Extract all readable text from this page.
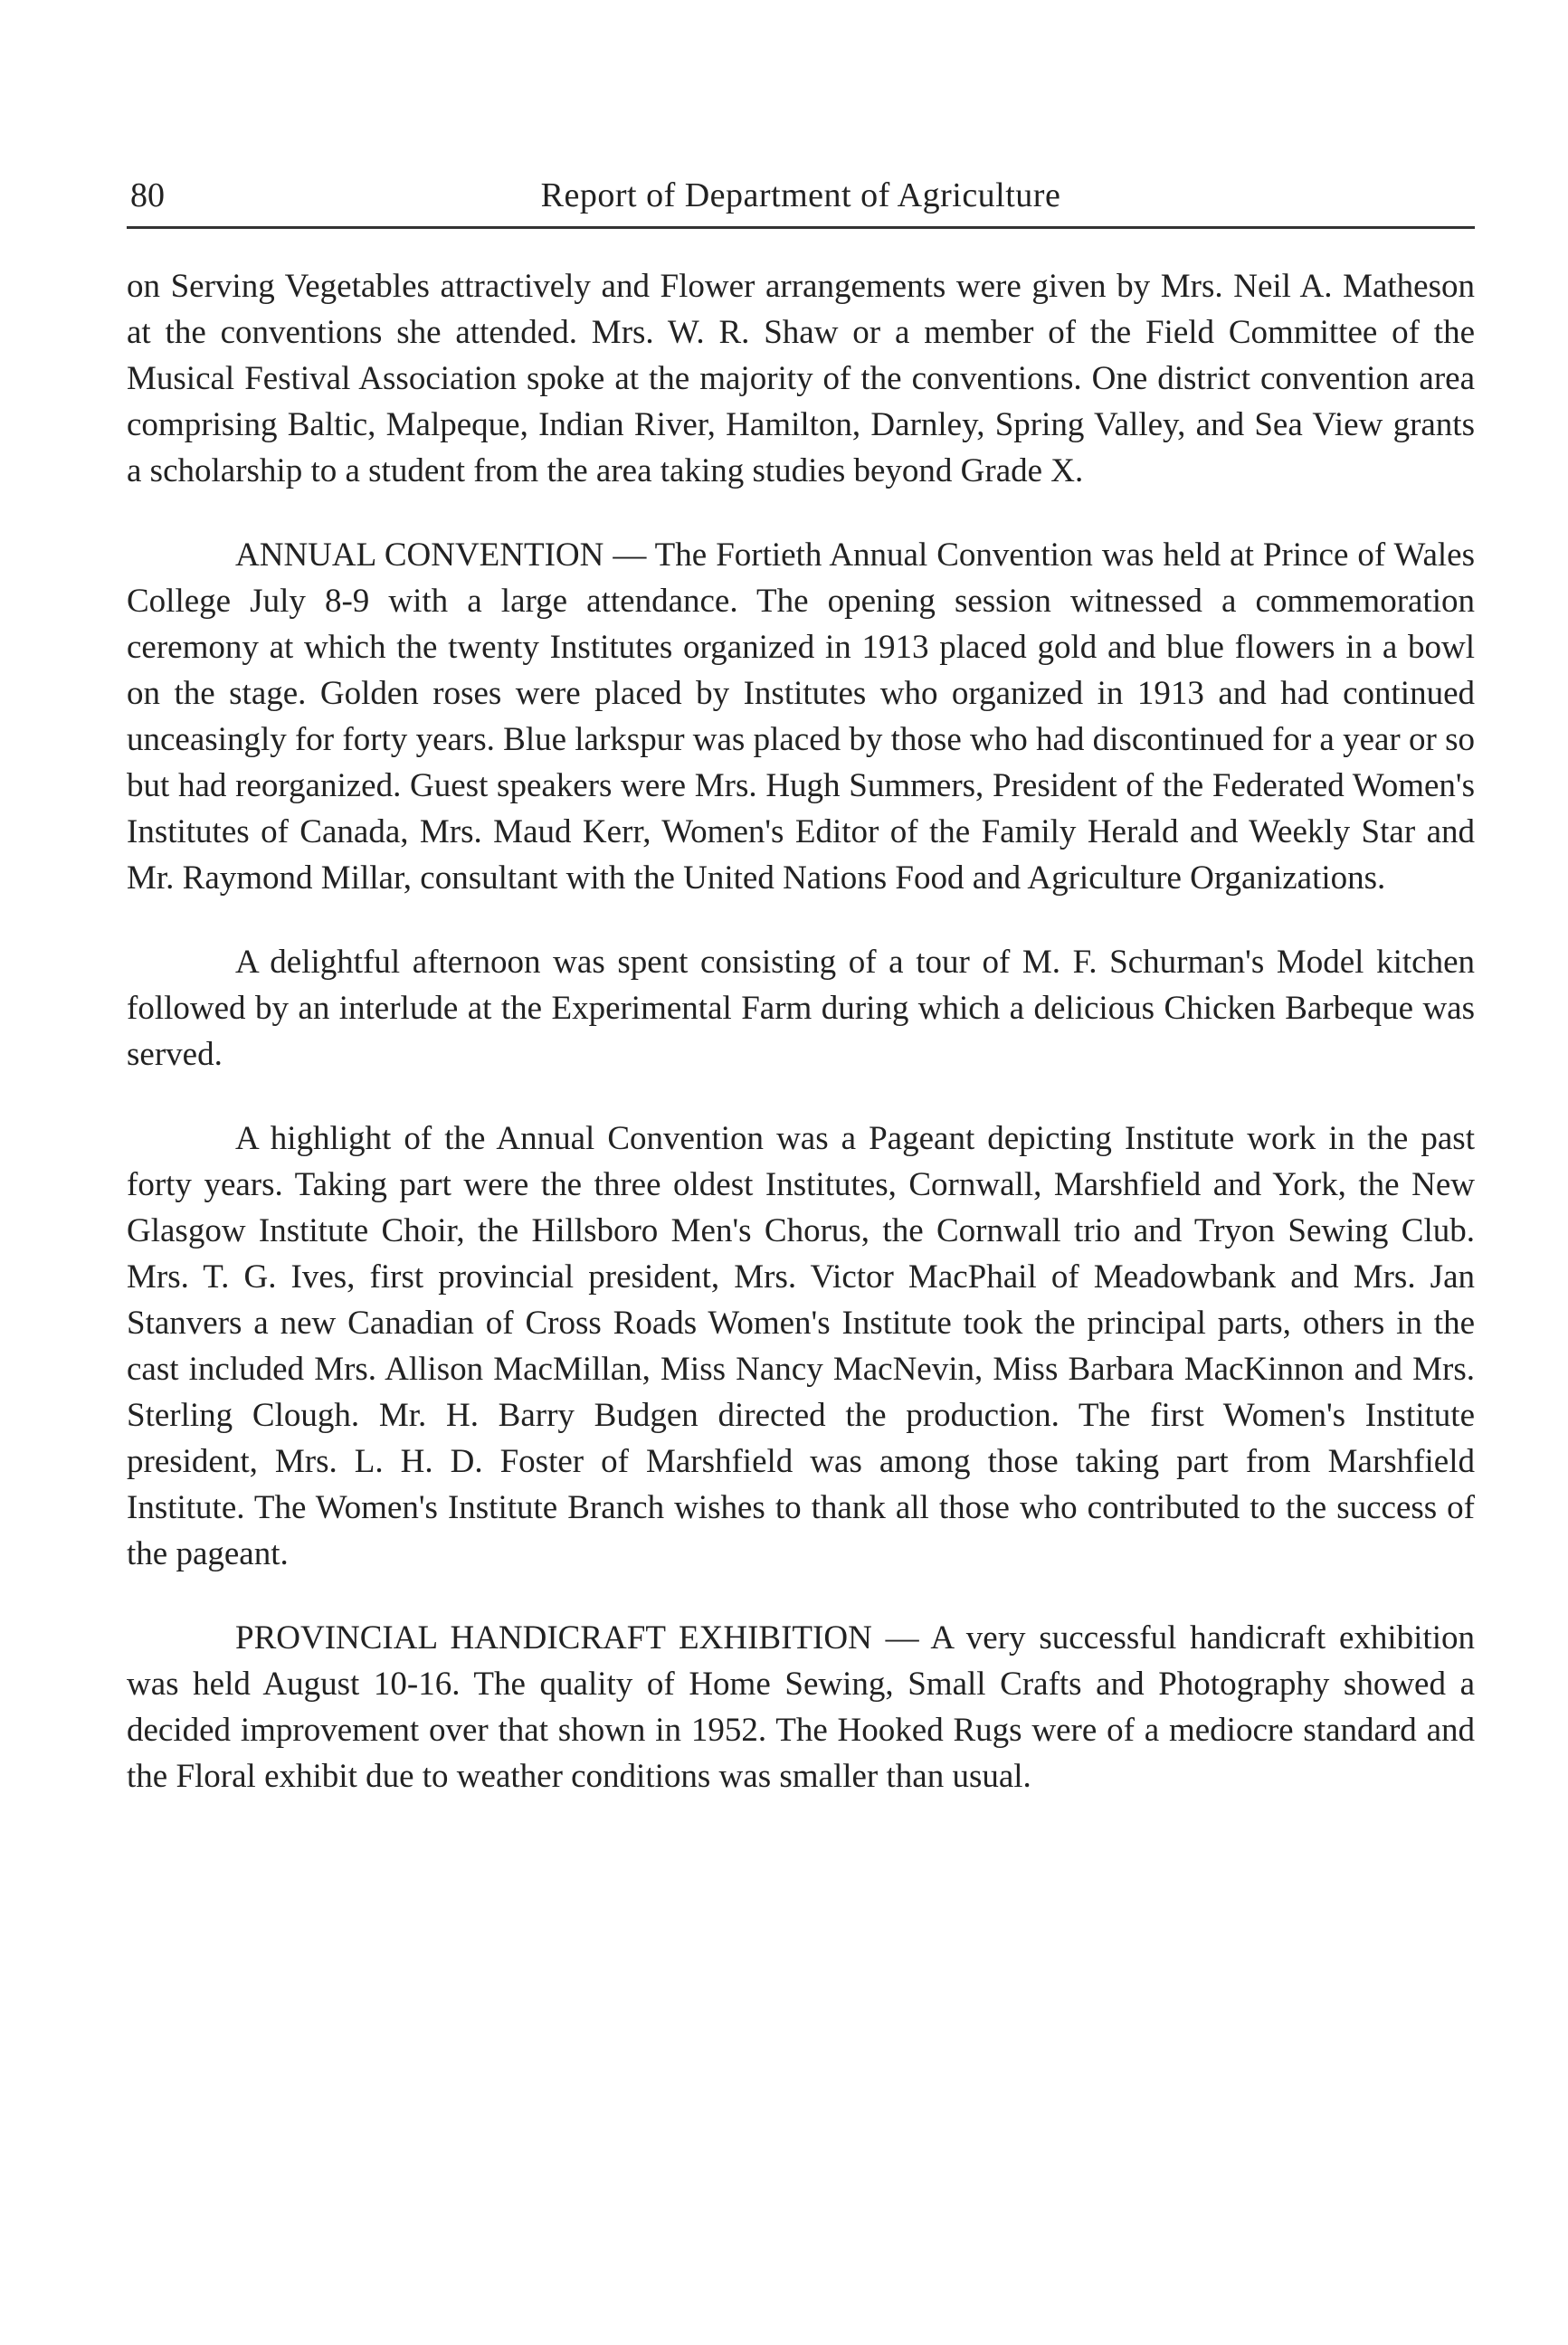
80	Report of Department of Agriculture

on Serving Vegetables attractively and Flower arrangements were given by Mrs. Neil A. Matheson at the conventions she attended. Mrs. W. R. Shaw or a member of the Field Committee of the Musical Festival Association spoke at the majority of the conventions. One district convention area comprising Baltic, Malpeque, Indian River, Hamilton, Darnley, Spring Valley, and Sea View grants a scholarship to a student from the area taking studies beyond Grade X.

ANNUAL CONVENTION — The Fortieth Annual Convention was held at Prince of Wales College July 8-9 with a large attendance. The opening session witnessed a commemoration ceremony at which the twenty Institutes organized in 1913 placed gold and blue flowers in a bowl on the stage. Golden roses were placed by Institutes who organized in 1913 and had continued unceasingly for forty years. Blue larkspur was placed by those who had discontinued for a year or so but had reorganized. Guest speakers were Mrs. Hugh Summers, President of the Federated Women's Institutes of Canada, Mrs. Maud Kerr, Women's Editor of the Family Herald and Weekly Star and Mr. Raymond Millar, consultant with the United Nations Food and Agriculture Organizations.

A delightful afternoon was spent consisting of a tour of M. F. Schurman's Model kitchen followed by an interlude at the Experimental Farm during which a delicious Chicken Barbeque was served.

A highlight of the Annual Convention was a Pageant depicting Institute work in the past forty years. Taking part were the three oldest Institutes, Cornwall, Marshfield and York, the New Glasgow Institute Choir, the Hillsboro Men's Chorus, the Cornwall trio and Tryon Sewing Club. Mrs. T. G. Ives, first provincial president, Mrs. Victor MacPhail of Meadowbank and Mrs. Jan Stanvers a new Canadian of Cross Roads Women's Institute took the principal parts, others in the cast included Mrs. Allison MacMillan, Miss Nancy MacNevin, Miss Barbara MacKinnon and Mrs. Sterling Clough. Mr. H. Barry Budgen directed the production. The first Women's Institute president, Mrs. L. H. D. Foster of Marshfield was among those taking part from Marshfield Institute. The Women's Institute Branch wishes to thank all those who contributed to the success of the pageant.

PROVINCIAL HANDICRAFT EXHIBITION — A very successful handicraft exhibition was held August 10-16. The quality of Home Sewing, Small Crafts and Photography showed a decided improvement over that shown in 1952. The Hooked Rugs were of a mediocre standard and the Floral exhibit due to weather conditions was smaller than usual.
